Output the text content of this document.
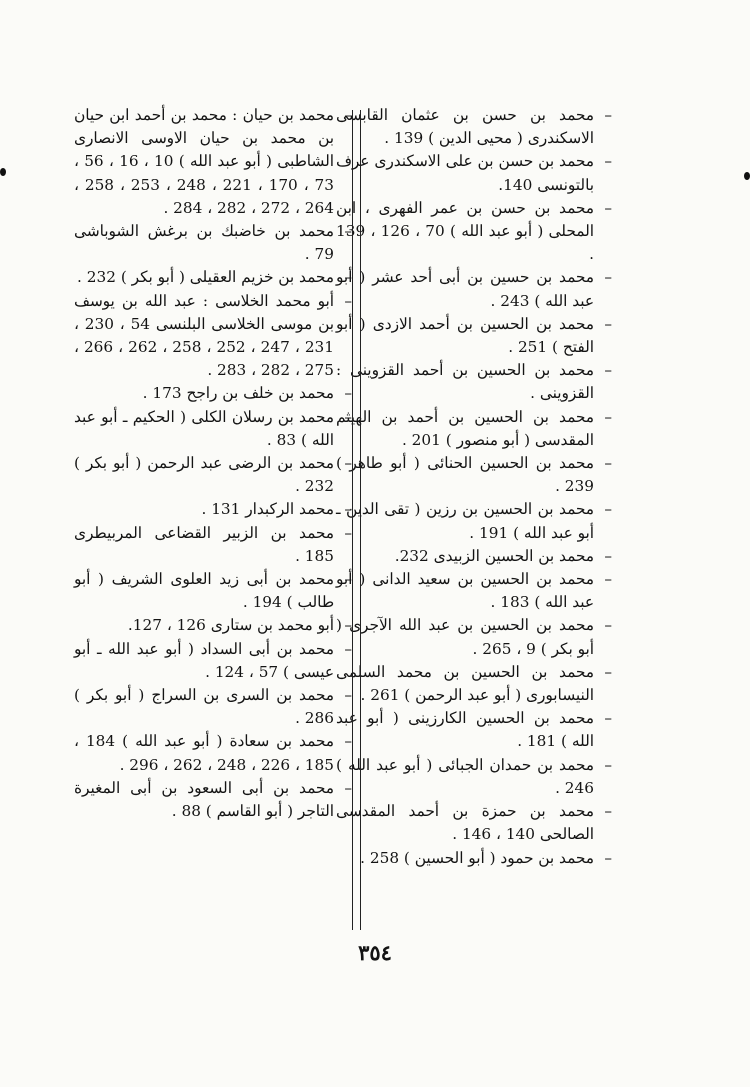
– محمد بن حسن بن عثمان القابسى الاسكندرى ( محيى الدين ) 139 .
– محمد بن حسن بن على الاسكندرى عرف بالتونسى 140.
– محمد بن حسن بن عمر الفهرى ، ابن المحلى ( أبو عبد الله ) 70 ، 126 ، 139 .
– محمد بن حسين بن أبى أحد عشر ( أبو عبد الله ) 243 .
– محمد بن الحسين بن أحمد الازدى ( أبو الفتح ) 251 .
– محمد بن الحسين بن أحمد القزوينى : القزوينى .
– محمد بن الحسين بن أحمد بن الهيثم المقدسى ( أبو منصور ) 201 .
– محمد بن الحسين الحنائى ( أبو طاهر ) 239 .
– محمد بن الحسين بن رزين ( تقى الدين ـ أبو عبد الله ) 191 .
– محمد بن الحسين الزبيدى 232.
– محمد بن الحسين بن سعيد الدانى ( أبو عبد الله ) 183 .
– محمد بن الحسين بن عبد الله الآجرى ( أبو بكر ) 9 ، 265 .
– محمد بن الحسين بن محمد السلمى النيسابورى ( أبو عبد الرحمن ) 261 .
– محمد بن الحسين الكارزينى ( أبو عبد الله ) 181 .
– محمد بن حمدان الجبائى ( أبو عبد الله ) 246 .
– محمد بن حمزة بن أحمد المقدسى الصالحى 140 ، 146 .
– محمد بن حمود ( أبو الحسين ) 258 .
– محمد بن حيان : محمد بن أحمد ابن حيان بن محمد بن حيان الاوسى الانصارى الشاطبى ( أبو عبد الله ) 10 ، 16 ، 56 ، 73 ، 170 ، 221 ، 248 ، 253 ، 258 ، 264 ، 272 ، 282 ، 284 .
– محمد بن خاضبك بن برغش الشوباشى 79 .
– محمد بن خزيم العقيلى ( أبو بكر ) 232 .
– أبو محمد الخلاسى : عبد الله بن يوسف بن موسى الخلاسى البلنسى 54 ، 230 ، 231 ، 247 ، 252 ، 258 ، 262 ، 266 ، 275 ، 282 ، 283 .
– محمد بن خلف بن راجح 173 .
– محمد بن رسلان الكلى ( الحكيم ـ أبو عبد الله ) 83 .
– محمد بن الرضى عبد الرحمن ( أبو بكر ) 232 .
– محمد الركبدار 131 .
– محمد بن الزبير القضاعى المربيطرى 185 .
– محمد بن أبى زيد العلوى الشريف ( أبو طالب ) 194 .
– أبو محمد بن ستارى 126 ، 127.
– محمد بن أبى السداد ( أبو عبد الله ـ أبو عيسى ) 57 ، 124 .
– محمد بن السرى بن السراج ( أبو بكر ) 286 .
– محمد بن سعادة ( أبو عبد الله ) 184 ، 185 ، 226 ، 248 ، 262 ، 296 .
– محمد بن أبى السعود بن أبى المغيرة التاجر ( أبو القاسم ) 88 .
٣٥٤
